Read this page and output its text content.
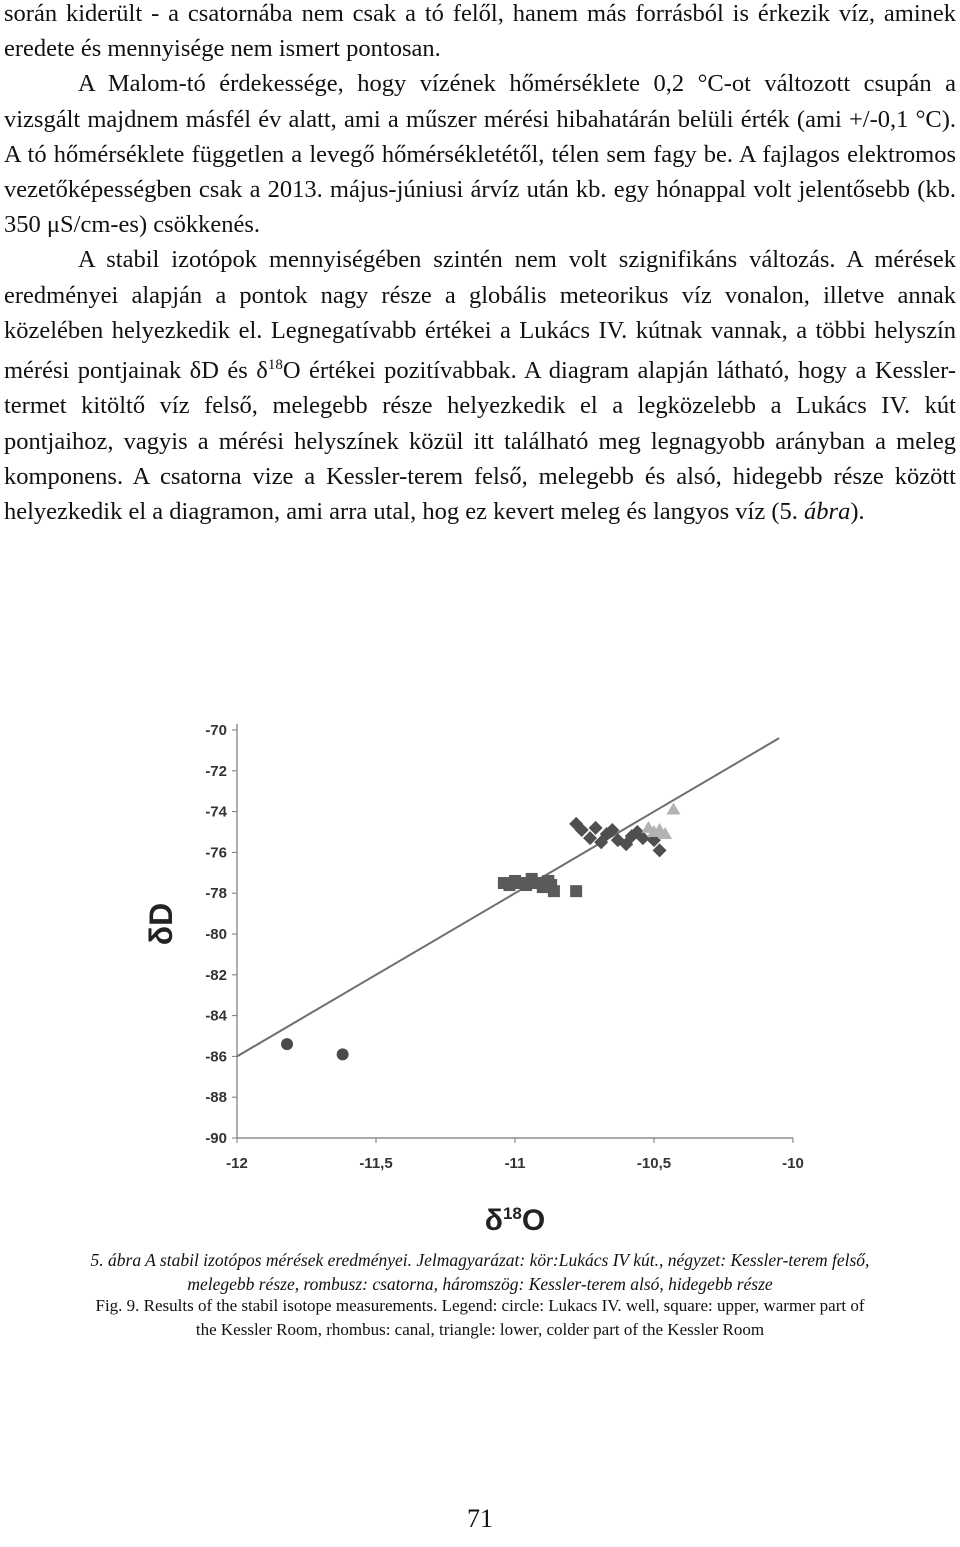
során kiderült - a csatornába nem csak a tó felől, hanem más forrásból is érkezik víz, aminek eredete és mennyisége nem ismert pontosan.

A Malom-tó érdekessége, hogy vízének hőmérséklete 0,2 °C-ot változott csupán a vizsgált majdnem másfél év alatt, ami a műszer mérési hibahatárán belüli érték (ami +/-0,1 °C). A tó hőmérséklete független a levegő hőmérsékletétől, télen sem fagy be. A fajlagos elektromos vezetőképességben csak a 2013. május-júniusi árvíz után kb. egy hónappal volt jelentősebb (kb. 350 μS/cm-es) csökkenés.

A stabil izotópok mennyiségében szintén nem volt szignifikáns változás. A mérések eredményei alapján a pontok nagy része a globális meteorikus víz vonalon, illetve annak közelében helyezkedik el. Legnegatívabb értékei a Lukács IV. kútnak vannak, a többi helyszín mérési pontjainak δD és $\delta^{18}O$ értékei pozitívabbak. A diagram alapján látható, hogy a Kessler-termet kitöltő víz felső, melegebb része helyezkedik el a legközelebb a Lukács IV. kút pontjaihoz, vagyis a mérési helyszínek közül itt található meg legnagyobb arányban a meleg komponens. A csatorna vize a Kessler-terem felső, melegebb és alsó, hidegebb része között helyezkedik el a diagramon, ami arra utal, hog ez kevert meleg és langyos víz (5. ábra).

-70
-72
-74
-76
-78
-80
-82
-84
-86
-88
-90
-12	-11,5	-11	-10,5	-10
$\delta^{18}O$
δD

5. ábra A stabil izotópos mérések eredményei. Jelmagyarázat: kör:Lukács IV kút., négyzet: Kessler-terem felső,
melegebb része, rombusz: csatorna, háromszög: Kessler-terem alsó, hidegebb része

Fig. 9. Results of the stabil isotope measurements. Legend: circle: Lukacs IV. well, square: upper, warmer part of
the Kessler Room, rhombus: canal, triangle: lower, colder part of the Kessler Room

71
